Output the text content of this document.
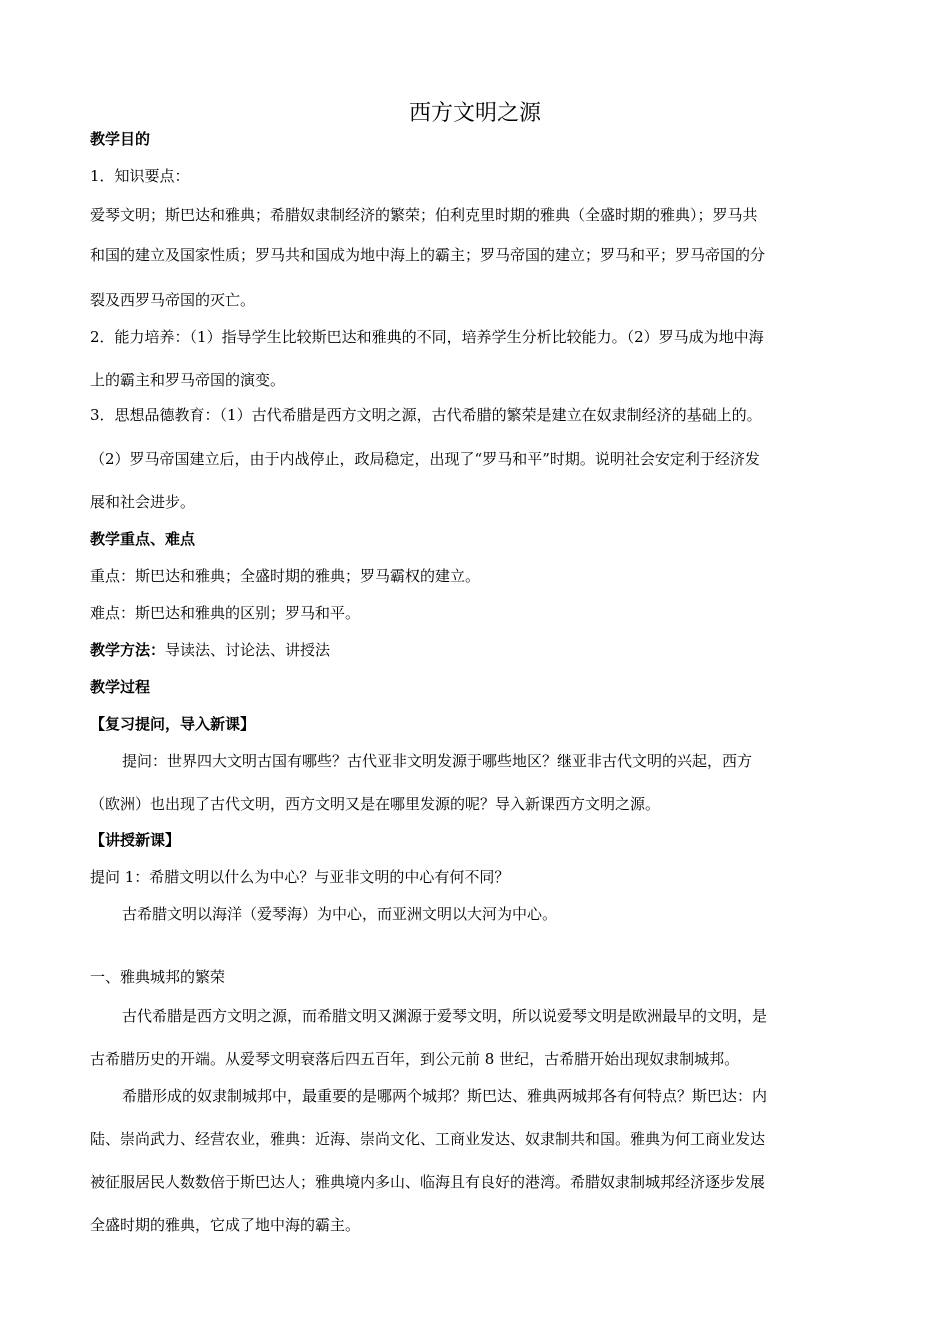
西方文明之源
教学目的
1．知识要点：
爱琴文明；斯巴达和雅典；希腊奴隶制经济的繁荣；伯利克里时期的雅典（全盛时期的雅典）；罗马共
和国的建立及国家性质；罗马共和国成为地中海上的霸主；罗马帝国的建立；罗马和平；罗马帝国的分
裂及西罗马帝国的灭亡。
2．能力培养：（1）指导学生比较斯巴达和雅典的不同，培养学生分析比较能力。（2）罗马成为地中海
上的霸主和罗马帝国的演变。
3．思想品德教育：（1）古代希腊是西方文明之源，古代希腊的繁荣是建立在奴隶制经济的基础上的。
（2）罗马帝国建立后，由于内战停止，政局稳定，出现了“罗马和平”时期。说明社会安定利于经济发
展和社会进步。
教学重点、难点
重点：斯巴达和雅典；全盛时期的雅典；罗马霸权的建立。
难点：斯巴达和雅典的区别；罗马和平。
教学方法：导读法、讨论法、讲授法
教学过程
【复习提问，导入新课】
提问：世界四大文明古国有哪些？古代亚非文明发源于哪些地区？继亚非古代文明的兴起，西方
（欧洲）也出现了古代文明，西方文明又是在哪里发源的呢？导入新课西方文明之源。
【讲授新课】
提问 1：希腊文明以什么为中心？与亚非文明的中心有何不同？
古希腊文明以海洋（爱琴海）为中心，而亚洲文明以大河为中心。
一、雅典城邦的繁荣
古代希腊是西方文明之源，而希腊文明又渊源于爱琴文明，所以说爱琴文明是欧洲最早的文明，是
古希腊历史的开端。从爱琴文明衰落后四五百年，到公元前 8 世纪，古希腊开始出现奴隶制城邦。
希腊形成的奴隶制城邦中，最重要的是哪两个城邦？斯巴达、雅典两城邦各有何特点？斯巴达：内
陆、崇尚武力、经营农业，雅典：近海、崇尚文化、工商业发达、奴隶制共和国。雅典为何工商业发达
被征服居民人数数倍于斯巴达人；雅典境内多山、临海且有良好的港湾。希腊奴隶制城邦经济逐步发展
全盛时期的雅典，它成了地中海的霸主。
